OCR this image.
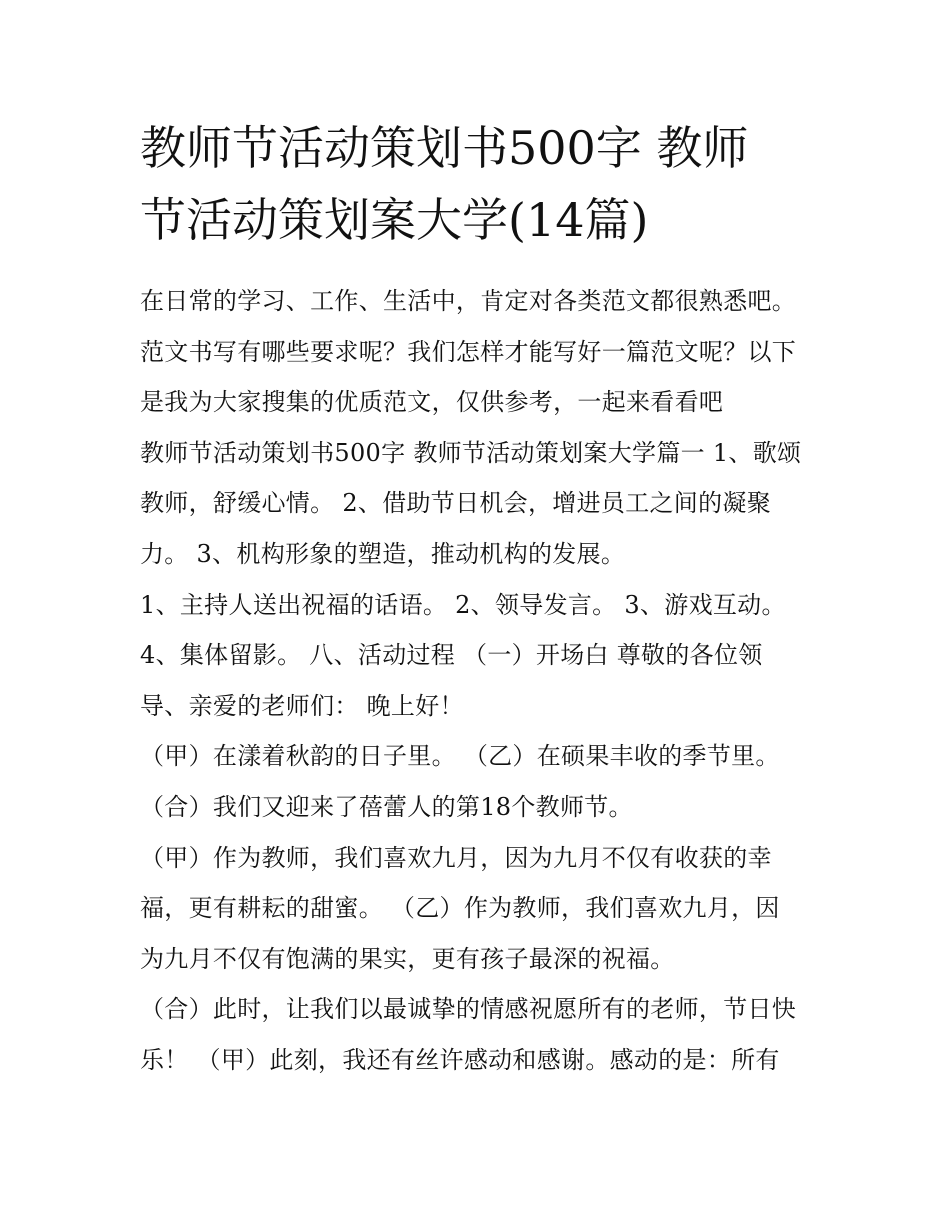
教师节活动策划书500字 教师
节活动策划案大学(14篇)
在日常的学习、工作、生活中，肯定对各类范文都很熟悉吧。
范文书写有哪些要求呢？我们怎样才能写好一篇范文呢？以下
是我为大家搜集的优质范文，仅供参考，一起来看看吧
教师节活动策划书500字 教师节活动策划案大学篇一 1、歌颂
教师，舒缓心情。 2、借助节日机会，增进员工之间的凝聚
力。 3、机构形象的塑造，推动机构的发展。
1、主持人送出祝福的话语。 2、领导发言。 3、游戏互动。
4、集体留影。 八、活动过程 （一）开场白 尊敬的各位领
导、亲爱的老师们： 晚上好！
（甲）在漾着秋韵的日子里。 （乙）在硕果丰收的季节里。
（合）我们又迎来了蓓蕾人的第18个教师节。
（甲）作为教师，我们喜欢九月，因为九月不仅有收获的幸
福，更有耕耘的甜蜜。 （乙）作为教师，我们喜欢九月，因
为九月不仅有饱满的果实，更有孩子最深的祝福。
（合）此时，让我们以最诚挚的情感祝愿所有的老师，节日快
乐！ （甲）此刻，我还有丝许感动和感谢。感动的是：所有
